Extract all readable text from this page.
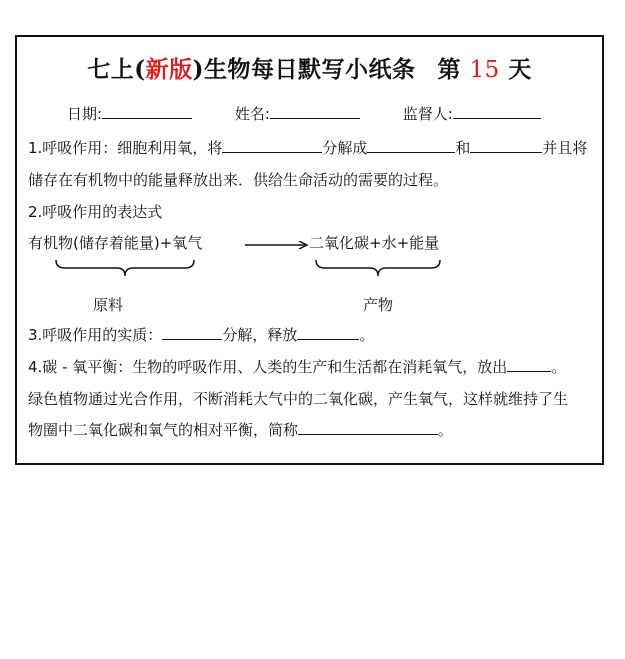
七上(新版)生物每日默写小纸条 第 15 天
日期:	姓名:	监督人:
1.呼吸作用：细胞利用氧，将	分解成	和	并且将
储存在有机物中的能量释放出来．供给生命活动的需要的过程。
2.呼吸作用的表达式
有机物(储存着能量)+氧气	二氧化碳+水+能量
原料	产物
3.呼吸作用的实质：	分解，释放	。
4.碳 - 氧平衡：生物的呼吸作用、人类的生产和生活都在消耗氧气，放出	。
绿色植物通过光合作用，不断消耗大气中的二氧化碳，产生氧气，这样就维持了生
物圈中二氧化碳和氧气的相对平衡，简称	。
